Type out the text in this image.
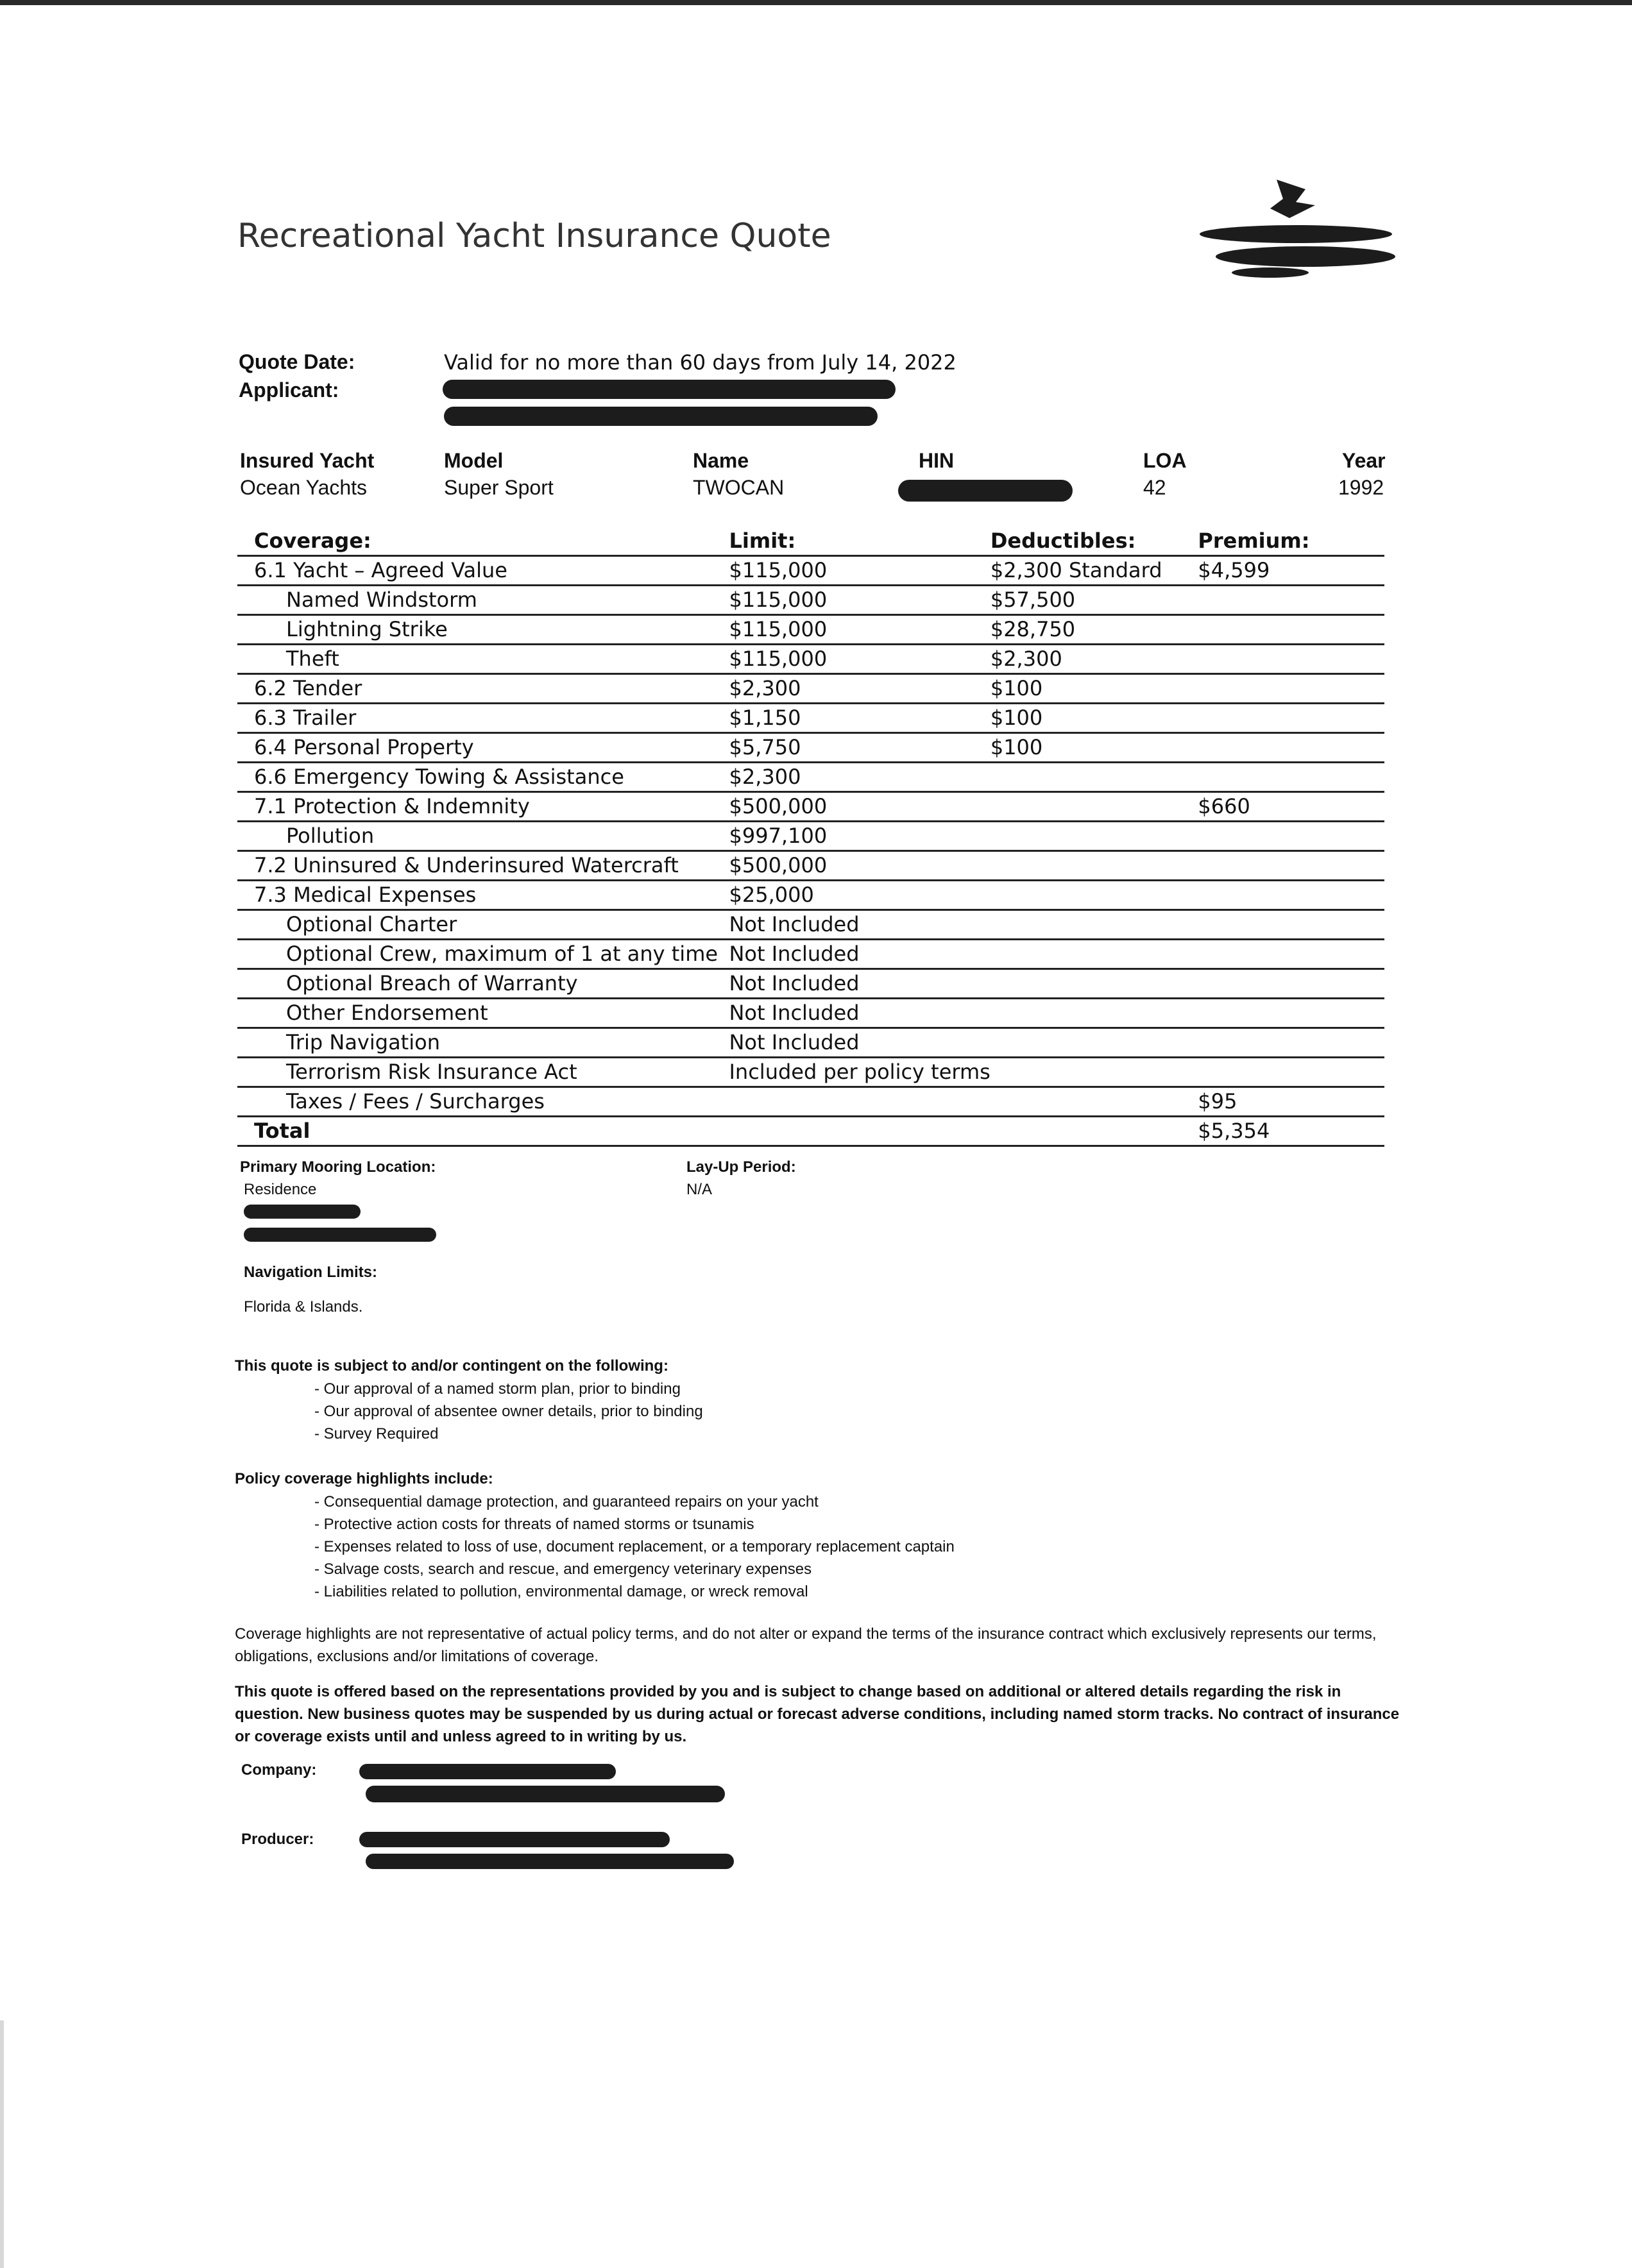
Recreational Yacht Insurance Quote
Quote Date:	Valid for no more than 60 days from July 14, 2022
Applicant:
Insured Yacht	Model	Name	HIN	LOA	Year
Ocean Yachts	Super Sport	TWOCAN	42	1992
Coverage:	Limit:	Deductibles:	Premium:
6.1 Yacht – Agreed Value	$115,000	$2,300 Standard	$4,599
Named Windstorm	$115,000	$57,500	
Lightning Strike	$115,000	$28,750	
Theft	$115,000	$2,300	
6.2 Tender	$2,300	$100	
6.3 Trailer	$1,150	$100	
6.4 Personal Property	$5,750	$100	
6.6 Emergency Towing & Assistance	$2,300		
7.1 Protection & Indemnity	$500,000		$660
Pollution	$997,100		
7.2 Uninsured & Underinsured Watercraft	$500,000		
7.3 Medical Expenses	$25,000		
Optional Charter	Not Included		
Optional Crew, maximum of 1 at any time	Not Included		
Optional Breach of Warranty	Not Included		
Other Endorsement	Not Included		
Trip Navigation	Not Included		
Terrorism Risk Insurance Act	Included per policy terms		
Taxes / Fees / Surcharges			$95
Total			$5,354
Primary Mooring Location:
Residence
Lay-Up Period:
N/A
Navigation Limits:
Florida & Islands.
This quote is subject to and/or contingent on the following:
- Our approval of a named storm plan, prior to binding
- Our approval of absentee owner details, prior to binding
- Survey Required
Policy coverage highlights include:
- Consequential damage protection, and guaranteed repairs on your yacht
- Protective action costs for threats of named storms or tsunamis
- Expenses related to loss of use, document replacement, or a temporary replacement captain
- Salvage costs, search and rescue, and emergency veterinary expenses
- Liabilities related to pollution, environmental damage, or wreck removal
Coverage highlights are not representative of actual policy terms, and do not alter or expand the terms of the insurance contract which exclusively represents our terms, obligations, exclusions and/or limitations of coverage.
This quote is offered based on the representations provided by you and is subject to change based on additional or altered details regarding the risk in question. New business quotes may be suspended by us during actual or forecast adverse conditions, including named storm tracks. No contract of insurance or coverage exists until and unless agreed to in writing by us.
Company:
Producer:
